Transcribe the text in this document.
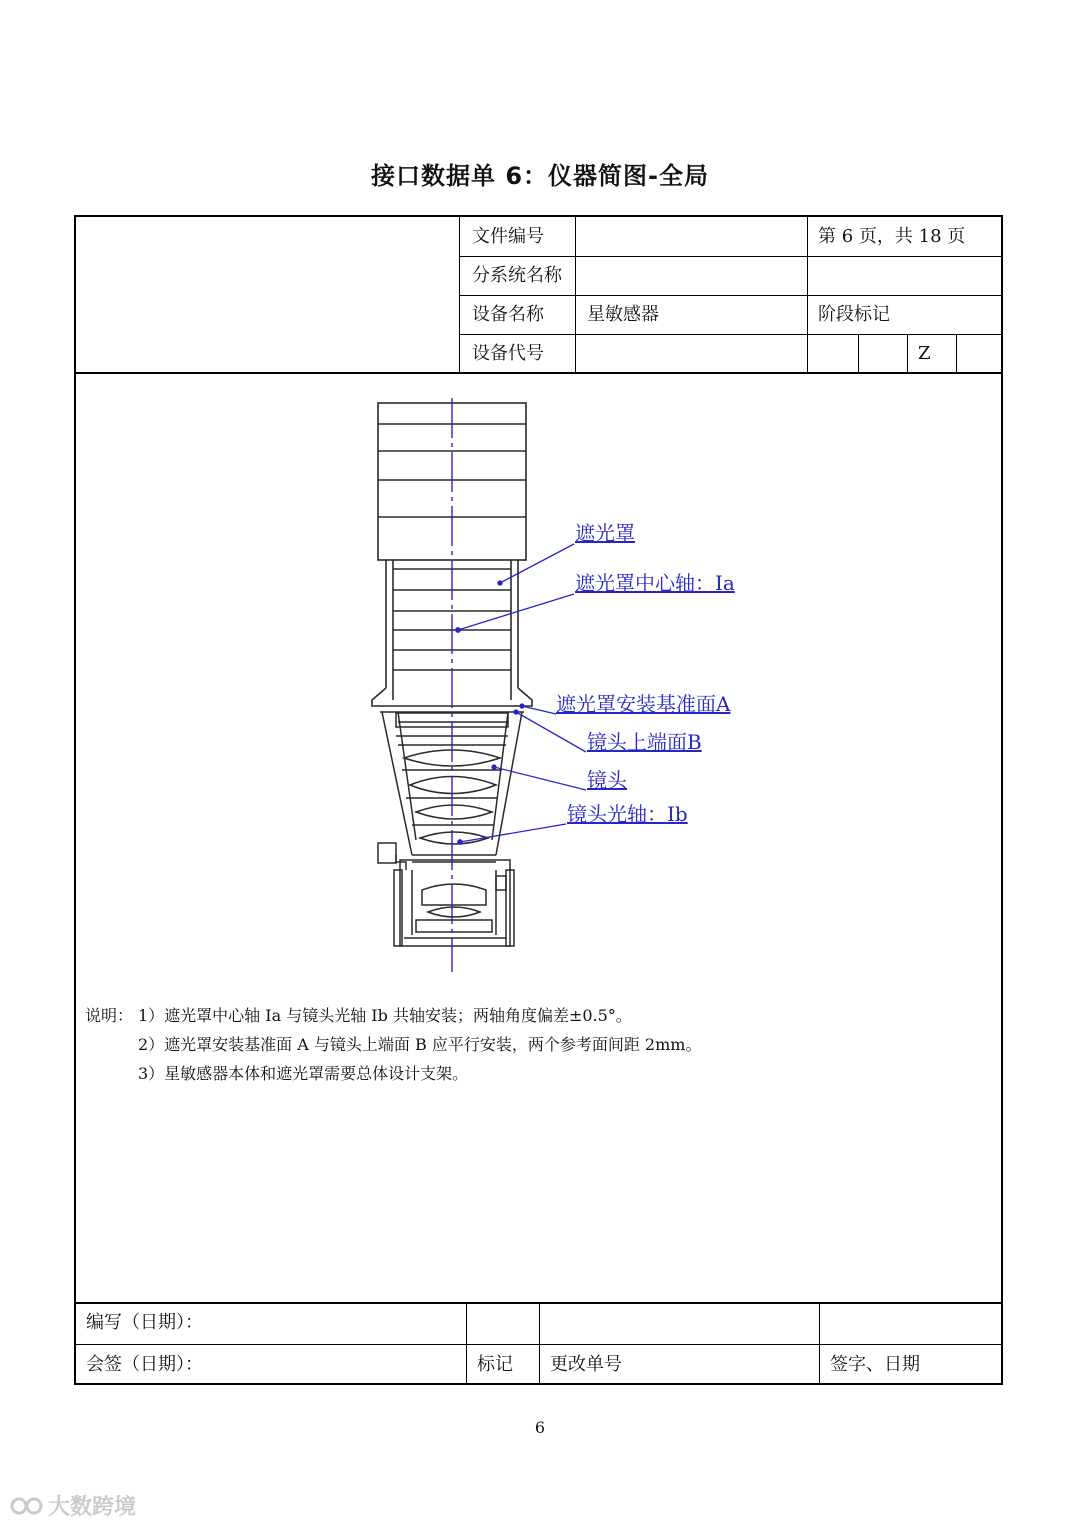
接口数据单 6：仪器简图-全局
文件编号	第 6 页，共 18 页
分系统名称
设备名称 星敏感器	阶段标记
设备代号	Z
说明： 1）遮光罩中心轴 Ia 与镜头光轴 Ib 共轴安装；两轴角度偏差±0.5°。
2）遮光罩安装基准面 A 与镜头上端面 B 应平行安装，两个参考面间距 2mm。
3）星敏感器本体和遮光罩需要总体设计支架。
编写（日期）：
会签（日期）：	标记 更改单号	签字、日期
遮光罩
遮光罩中心轴：Ia
遮光罩安装基准面A
镜头上端面B
镜头
镜头光轴：Ib
6
大数跨境
